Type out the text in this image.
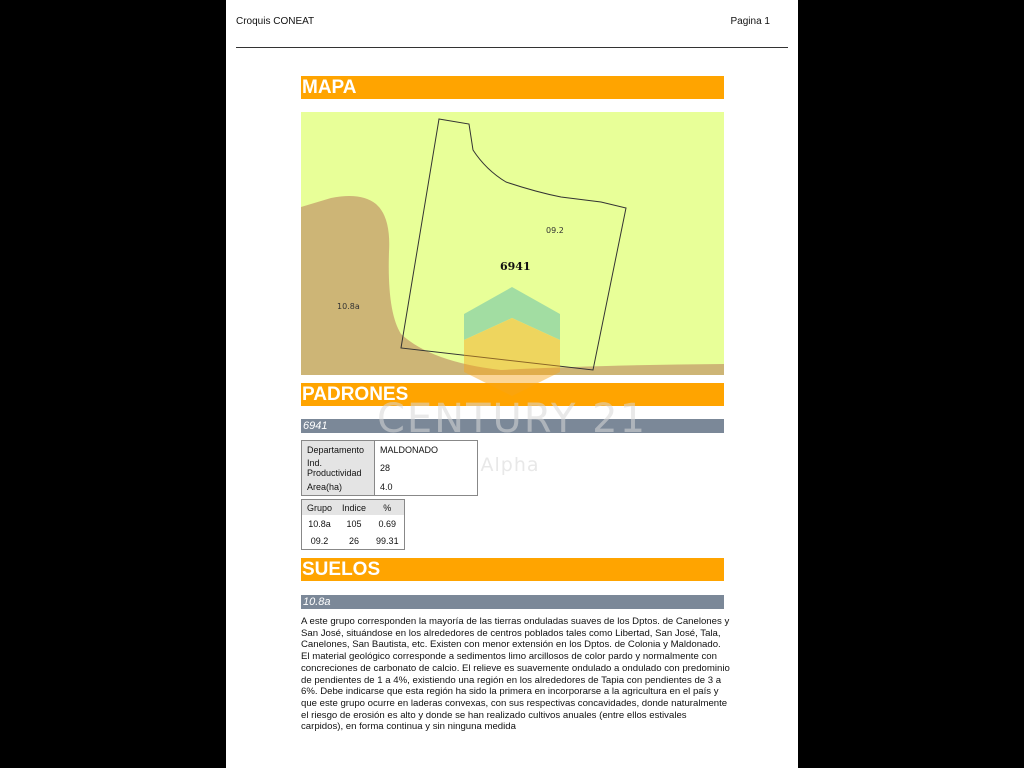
Croquis CONEAT	Pagina 1
MAPA
09.2
10.8a
6941
PADRONES
6941
Departamento	MALDONADO
Ind. Productividad	28
Area(ha)	4.0
Grupo	Indice	%
10.8a	105	0.69
09.2	26	99.31
SUELOS
10.8a
A este grupo corresponden la mayoría de las tierras onduladas suaves de los Dptos. de Canelones y San José, situándose en los alrededores de centros poblados tales como Libertad, San José, Tala, Canelones, San Bautista, etc. Existen con menor extensión en los Dptos. de Colonia y Maldonado. El material geológico corresponde a sedimentos limo arcillosos de color pardo y normalmente con concreciones de carbonato de calcio. El relieve es suavemente ondulado a ondulado con predominio de pendientes de 1 a 4%, existiendo una región en los alrededores de Tapia con pendientes de 3 a 6%. Debe indicarse que esta región ha sido la primera en incorporarse a la agricultura en el país y que este grupo ocurre en laderas convexas, con sus respectivas concavidades, donde naturalmente el riesgo de erosión es alto y donde se han realizado cultivos anuales (entre ellos estivales carpidos), en forma continua y sin ninguna medida
CENTURY 21
Alpha
